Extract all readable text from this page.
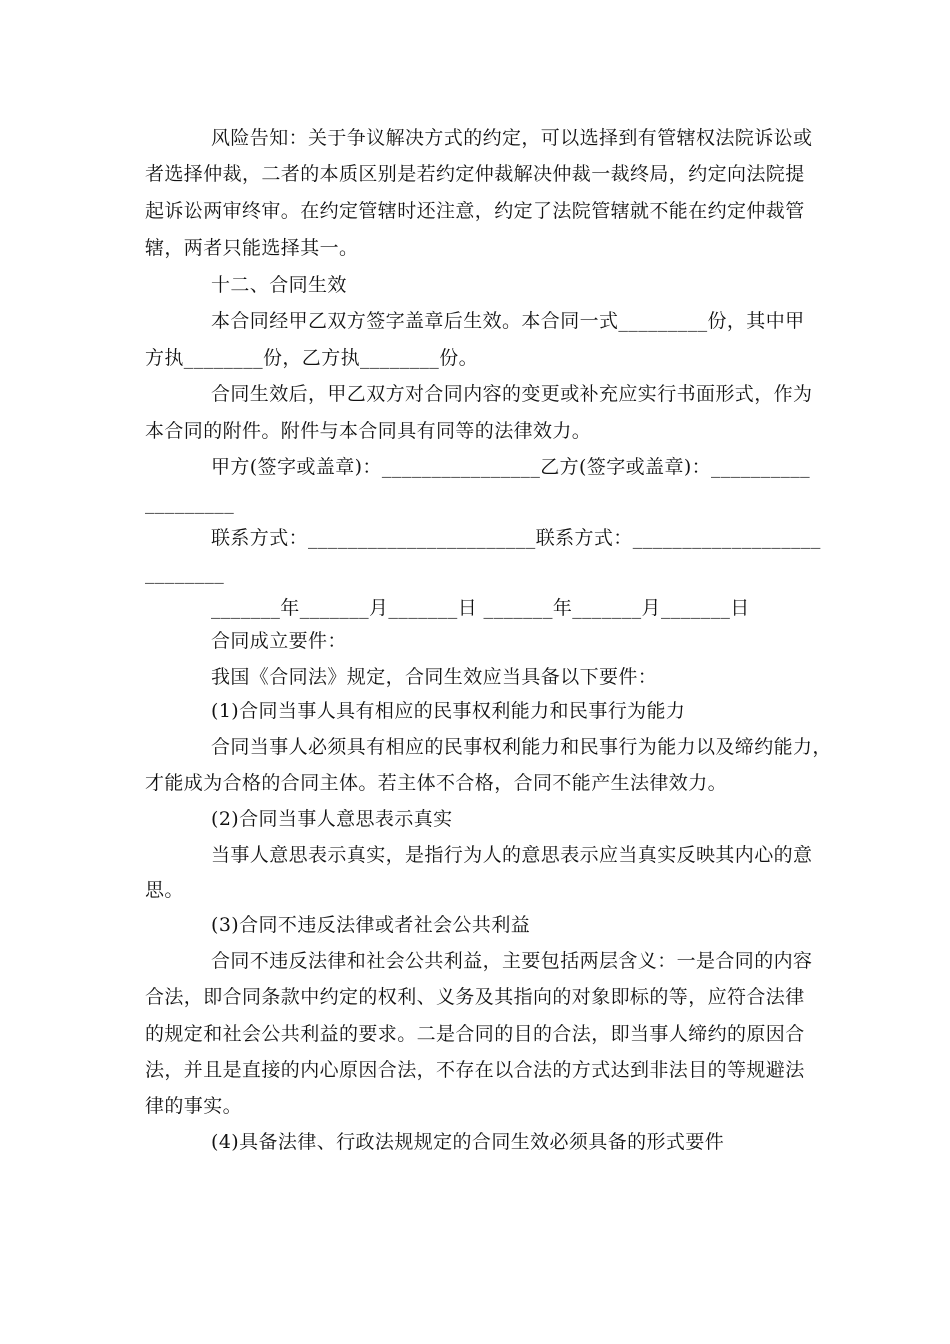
风险告知：关于争议解决方式的约定，可以选择到有管辖权法院诉讼或
者选择仲裁，二者的本质区别是若约定仲裁解决仲裁一裁终局，约定向法院提
起诉讼两审终审。在约定管辖时还注意，约定了法院管辖就不能在约定仲裁管
辖，两者只能选择其一。
十二、合同生效
本合同经甲乙双方签字盖章后生效。本合同一式_________份，其中甲
方执________份，乙方执________份。
合同生效后，甲乙双方对合同内容的变更或补充应实行书面形式，作为
本合同的附件。附件与本合同具有同等的法律效力。
甲方(签字或盖章)：________________乙方(签字或盖章)：__________
_________
联系方式：_______________________联系方式：___________________
________
_______年_______月_______日 _______年_______月_______日
合同成立要件：
我国《合同法》规定，合同生效应当具备以下要件：
(1)合同当事人具有相应的民事权利能力和民事行为能力
合同当事人必须具有相应的民事权利能力和民事行为能力以及缔约能力，
才能成为合格的合同主体。若主体不合格，合同不能产生法律效力。
(2)合同当事人意思表示真实
当事人意思表示真实，是指行为人的意思表示应当真实反映其内心的意
思。
(3)合同不违反法律或者社会公共利益
合同不违反法律和社会公共利益，主要包括两层含义：一是合同的内容
合法，即合同条款中约定的权利、义务及其指向的对象即标的等，应符合法律
的规定和社会公共利益的要求。二是合同的目的合法，即当事人缔约的原因合
法，并且是直接的内心原因合法，不存在以合法的方式达到非法目的等规避法
律的事实。
(4)具备法律、行政法规规定的合同生效必须具备的形式要件
